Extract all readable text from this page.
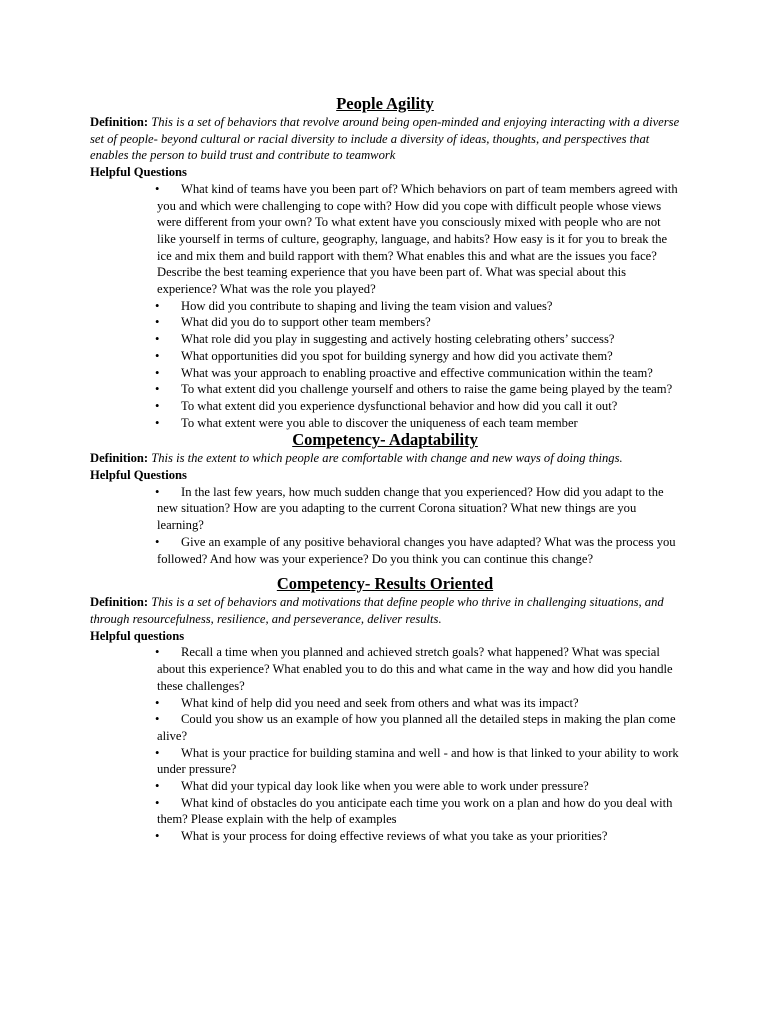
People Agility

Definition: This is a set of behaviors that revolve around being open-minded and enjoying interacting with a diverse set of people- beyond cultural or racial diversity to include a diversity of ideas, thoughts, and perspectives that enables the person to build trust and contribute to teamwork

Helpful Questions

•	What kind of teams have you been part of? Which behaviors on part of team members agreed with you and which were challenging to cope with? How did you cope with difficult people whose views were different from your own? To what extent have you consciously mixed with people who are not like yourself in terms of culture, geography, language, and habits? How easy is it for you to break the ice and mix them and build rapport with them? What enables this and what are the issues you face? Describe the best teaming experience that you have been part of. What was special about this experience? What was the role you played?
•	How did you contribute to shaping and living the team vision and values?
•	What did you do to support other team members?
•	What role did you play in suggesting and actively hosting celebrating others’ success?
•	What opportunities did you spot for building synergy and how did you activate them?
•	What was your approach to enabling proactive and effective communication within the team?
•	To what extent did you challenge yourself and others to raise the game being played by the team?
•	To what extent did you experience dysfunctional behavior and how did you call it out?
•	To what extent were you able to discover the uniqueness of each team member
Competency- Adaptability

Definition: This is the extent to which people are comfortable with change and new ways of doing things.

Helpful Questions

•	In the last few years, how much sudden change that you experienced? How did you adapt to the new situation? How are you adapting to the current Corona situation? What new things are you learning?
•	Give an example of any positive behavioral changes you have adapted? What was the process you followed? And how was your experience? Do you think you can continue this change?
Competency- Results Oriented

Definition: This is a set of behaviors and motivations that define people who thrive in challenging situations, and through resourcefulness, resilience, and perseverance, deliver results.

Helpful questions

•	Recall a time when you planned and achieved stretch goals? what happened? What was special about this experience? What enabled you to do this and what came in the way and how did you handle these challenges?
•	What kind of help did you need and seek from others and what was its impact?
•	Could you show us an example of how you planned all the detailed steps in making the plan come alive?
•	What is your practice for building stamina and well - and how is that linked to your ability to work under pressure?
•	What did your typical day look like when you were able to work under pressure?
•	What kind of obstacles do you anticipate each time you work on a plan and how do you deal with them? Please explain with the help of examples
•	What is your process for doing effective reviews of what you take as your priorities?
